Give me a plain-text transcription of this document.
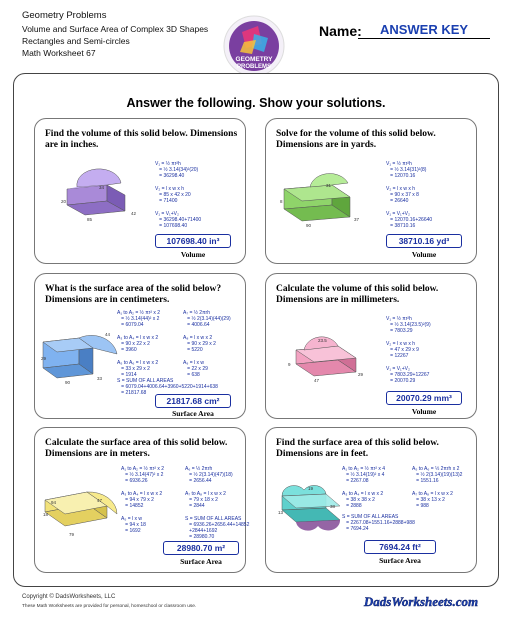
Geometry Problems
Volume and Surface Area of Complex 3D Shapes
Rectangles and Semi-circles
Math Worksheet 67
GEOMETRY
PROBLEMS
Name:	ANSWER KEY
Answer the following. Show your solutions.
Find the volume of this solid below. Dimensions are in inches.
34
85
20
42
V₁ = ½ πr²h
= ½ 3.14(34)²(20)
= 36298.40

V₂ = l x w x h
= 85 x 42 x 20
= 71400

V₁ = V₁+V₂
= 36298.40+71400
= 107698.40
107698.40 in³
Volume
Solve for the volume of this solid below. Dimensions are in yards.
31
90
8
37
V₁ = ½ πr²h
= ½ 3.14(31)²(8)
= 12070.16

V₂ = l x w x h
= 90 x 37 x 8
= 26640

V₁ = V₁+V₂
= 12070.16+26640
= 38710.16
38710.16 yd³
Volume
What is the surface area of the solid below? Dimensions are in centimeters.
44
90
29
33
A₁ to A₂ = ½ πr² x 2
= ½ 3.14(44)² x 2
= 6079.04

A₃ to A₄ = l x w x 2
= 90 x 22 x 2
= 3960

A₅ to A₆ = l x w x 2
= 33 x 29 x 2
= 1914
A₇ = ½ 2πrh
= ½ 2(3.14)(44)(29)
= 4006.64

A₈ = l x w x 2
= 90 x 29 x 2
= 5220

A₉ = l x w
= 22 x 29
= 638
S = SUM OF ALL AREAS
= 6079.04+4006.64+3960+5220+1914+638
= 21817.68
21817.68 cm²
Surface Area
Calculate the volume of this solid below. Dimensions are in millimeters.
23.5
47
9
29
V₁ = ½ πr²h
= ½ 3.14(23.5)²(9)
= 7803.29

V₂ = l x w x h
= 47 x 29 x 9
= 12267

V₁ = V₁+V₂
= 7803.29+12267
= 20070.29
20070.29 mm³
Volume
Calculate the surface area of this solid below. Dimensions are in meters.
47
94
18
79
A₁ to A₂ = ½ πr² x 2
= ½ 3.14(47)² x 2
= 6936.26

A₃ to A₄ = l x w x 2
= 94 x 79 x 2
= 14852

A₅ = l x w
= 94 x 18
= 1692
A₆ = ½ 2πrh
= ½ 2(3.14)(47)(18)
= 2656.44

A₇ to A₈ = l x w x 2
= 79 x 18 x 2
= 2844

S = SUM OF ALL AREAS
= 6936.26+2656.44+14852
+2844+1692
= 28980.70
28980.70 m²
Surface Area
Find the surface area of this solid below. Dimensions are in feet.
19
38
13
A₁ to A₂ = ½ πr² x 4
= ½ 3.14(19)² x 4
= 2267.08

A₃ to A₄ = l x w x 2
= 38 x 38 x 2
= 2888
A₅ to A₆ = ½ 2πrh x 2
= ½ 2(3.14)(19)(13)2
= 1551.16

A₇ to A₈ = l x w x 2
= 38 x 13 x 2
= 988
S = SUM OF ALL AREAS
= 2267.08+1551.16+2888+988
= 7694.24
7694.24 ft²
Surface Area
Copyright © DadsWorksheets, LLC
These Math Worksheets are provided for personal, homeschool or classroom use.	DadsWorksheets.com
